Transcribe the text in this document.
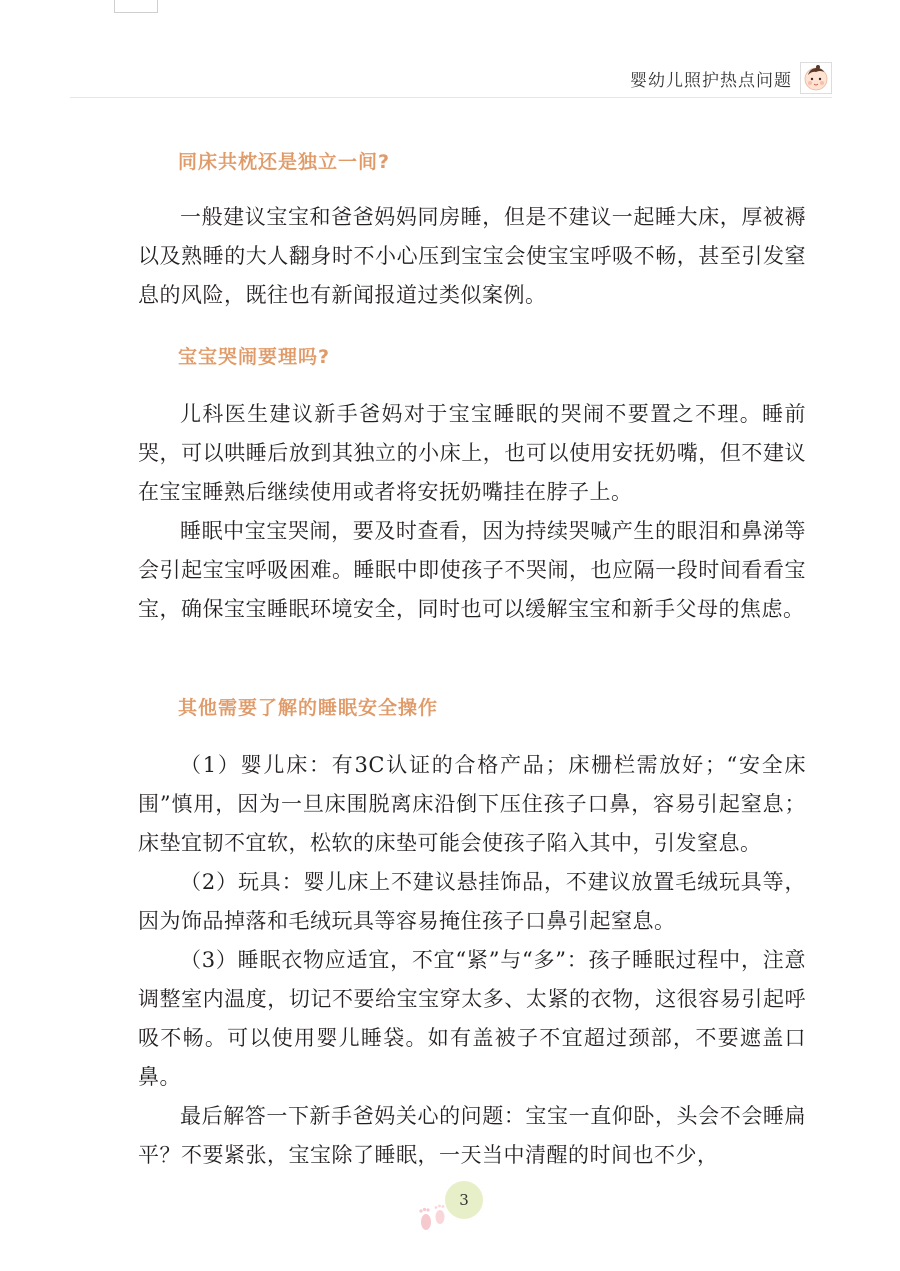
婴幼儿照护热点问题
同床共枕还是独立一间?

一般建议宝宝和爸爸妈妈同房睡，但是不建议一起睡大床，厚被褥以及熟睡的大人翻身时不小心压到宝宝会使宝宝呼吸不畅，甚至引发窒息的风险，既往也有新闻报道过类似案例。

宝宝哭闹要理吗?

儿科医生建议新手爸妈对于宝宝睡眠的哭闹不要置之不理。睡前哭，可以哄睡后放到其独立的小床上，也可以使用安抚奶嘴，但不建议在宝宝睡熟后继续使用或者将安抚奶嘴挂在脖子上。

睡眠中宝宝哭闹，要及时查看，因为持续哭喊产生的眼泪和鼻涕等会引起宝宝呼吸困难。睡眠中即使孩子不哭闹，也应隔一段时间看看宝宝，确保宝宝睡眠环境安全，同时也可以缓解宝宝和新手父母的焦虑。

其他需要了解的睡眠安全操作

（1）婴儿床：有3C认证的合格产品；床栅栏需放好；“安全床围”慎用，因为一旦床围脱离床沿倒下压住孩子口鼻，容易引起窒息；床垫宜韧不宜软，松软的床垫可能会使孩子陷入其中，引发窒息。

（2）玩具：婴儿床上不建议悬挂饰品，不建议放置毛绒玩具等，因为饰品掉落和毛绒玩具等容易掩住孩子口鼻引起窒息。

（3）睡眠衣物应适宜，不宜“紧”与“多”：孩子睡眠过程中，注意调整室内温度，切记不要给宝宝穿太多、太紧的衣物，这很容易引起呼吸不畅。可以使用婴儿睡袋。如有盖被子不宜超过颈部，不要遮盖口鼻。

最后解答一下新手爸妈关心的问题：宝宝一直仰卧，头会不会睡扁平？不要紧张，宝宝除了睡眠，一天当中清醒的时间也不少，

3
